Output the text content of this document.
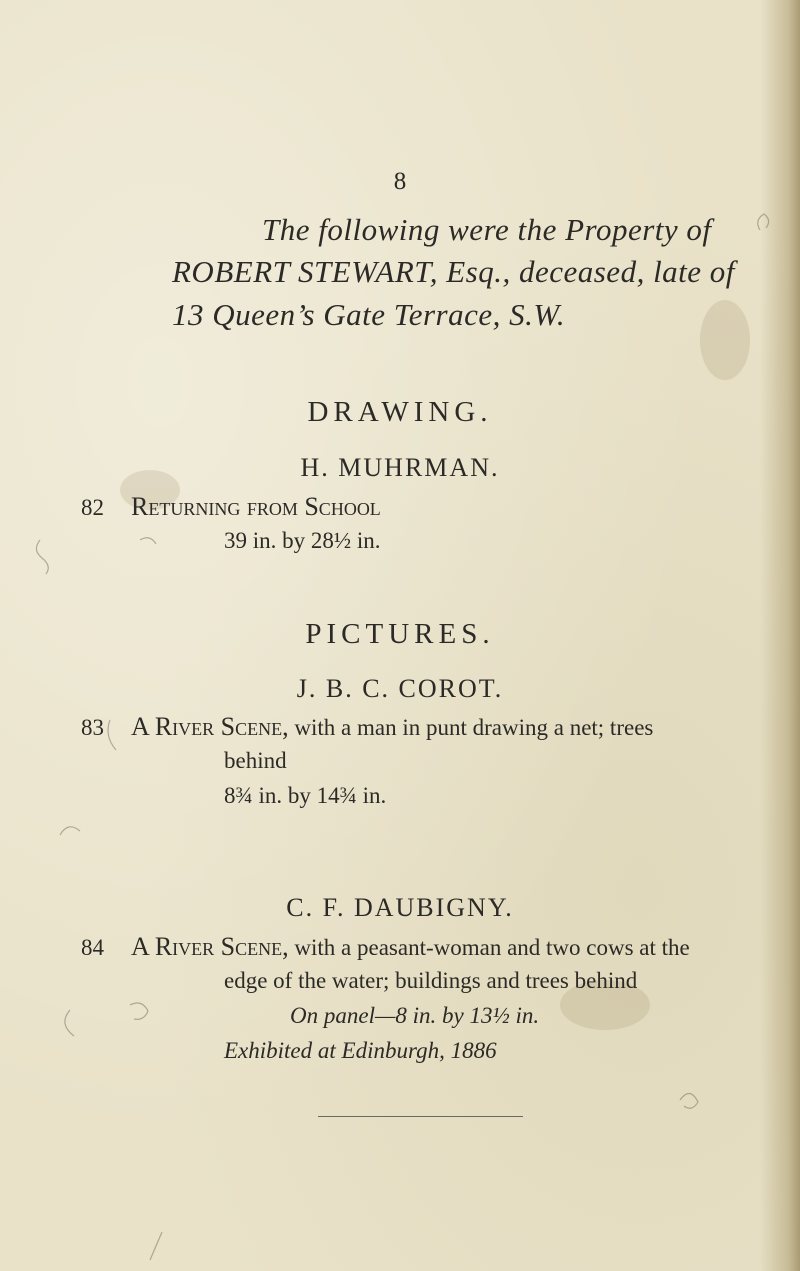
8
The following were the Property of
ROBERT STEWART, Esq., deceased, late of
13 Queen’s Gate Terrace, S.W.
DRAWING.
H. MUHRMAN.
82 Returning from School
39 in. by 28½ in.
PICTURES.
J. B. C. COROT.
83 A River Scene, with a man in punt drawing a net; trees
behind
8¾ in. by 14¾ in.
C. F. DAUBIGNY.
84 A River Scene, with a peasant-woman and two cows at the
edge of the water; buildings and trees behind
On panel—8 in. by 13½ in.
Exhibited at Edinburgh, 1886
